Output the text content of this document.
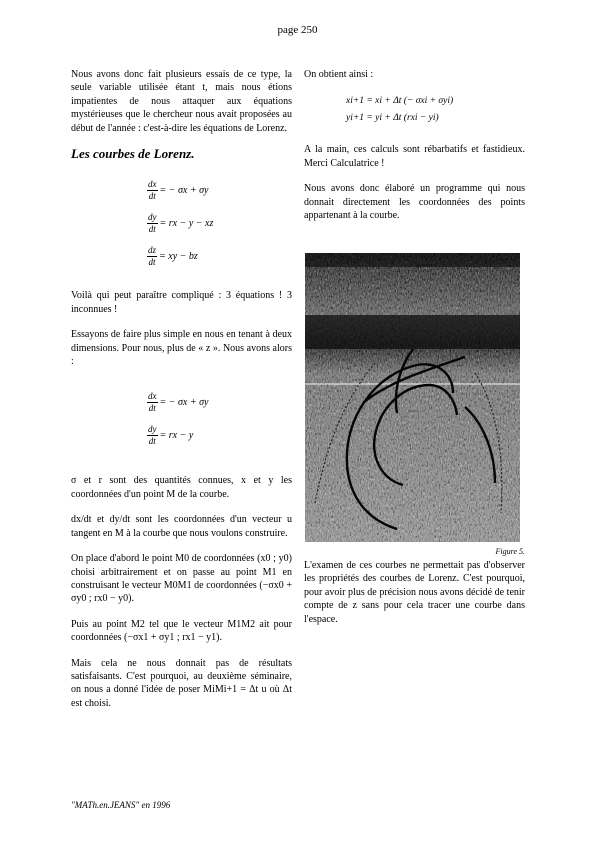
page 250

Nous avons donc fait plusieurs essais de ce type, la seule variable utilisée étant t, mais nous étions impatientes de nous attaquer aux équations mystérieuses que le chercheur nous avait proposées au début de l'année : c'est-à-dire les équations de Lorenz.

Les courbes de Lorenz.
$\frac{dx}{dt}$ = − σx + σy
$\frac{dy}{dt}$ = rx − y − xz
$\frac{dz}{dt}$ = xy − bz

Voilà qui peut paraître compliqué : 3 équations ! 3 inconnues !

Essayons de faire plus simple en nous en tenant à deux dimensions. Pour nous, plus de « z ». Nous avons alors :

$\frac{dx}{dt}$ = − σx + σy
$\frac{dy}{dt}$ = rx − y

σ et r sont des quantités connues, x et y les coordonnées d'un point M de la courbe.

dx/dt et dy/dt sont les coordonnées d'un vecteur u tangent en M à la courbe que nous voulons construire.

On place d'abord le point M0 de coordonnées (x0 ; y0) choisi arbitrairement et on passe au point M1 en construisant le vecteur M0M1 de coordonnées (−σx0 + σy0 ; rx0 − y0).

Puis au point M2 tel que le vecteur M1M2 ait pour coordonnées (−σx1 + σy1 ; rx1 − y1).

Mais cela ne nous donnait pas de résultats satisfaisants. C'est pourquoi, au deuxième séminaire, on nous a donné l'idée de poser MiMi+1 = Δt u où Δt est choisi.

On obtient ainsi :

xi+1 = xi + Δt (− σxi + σyi)
yi+1 = yi + Δt (rxi − yi)

A la main, ces calculs sont rébarbatifs et fastidieux. Merci Calculatrice !

Nous avons donc élaboré un programme qui nous donnait directement les coordonnées des points appartenant à la courbe.

Figure 5.

L'examen de ces courbes ne permettait pas d'observer les propriétés des courbes de Lorenz. C'est pourquoi, pour avoir plus de précision nous avons décidé de tenir compte de z sans pour cela tracer une courbe dans l'espace.

"MATh.en.JEANS" en 1996
